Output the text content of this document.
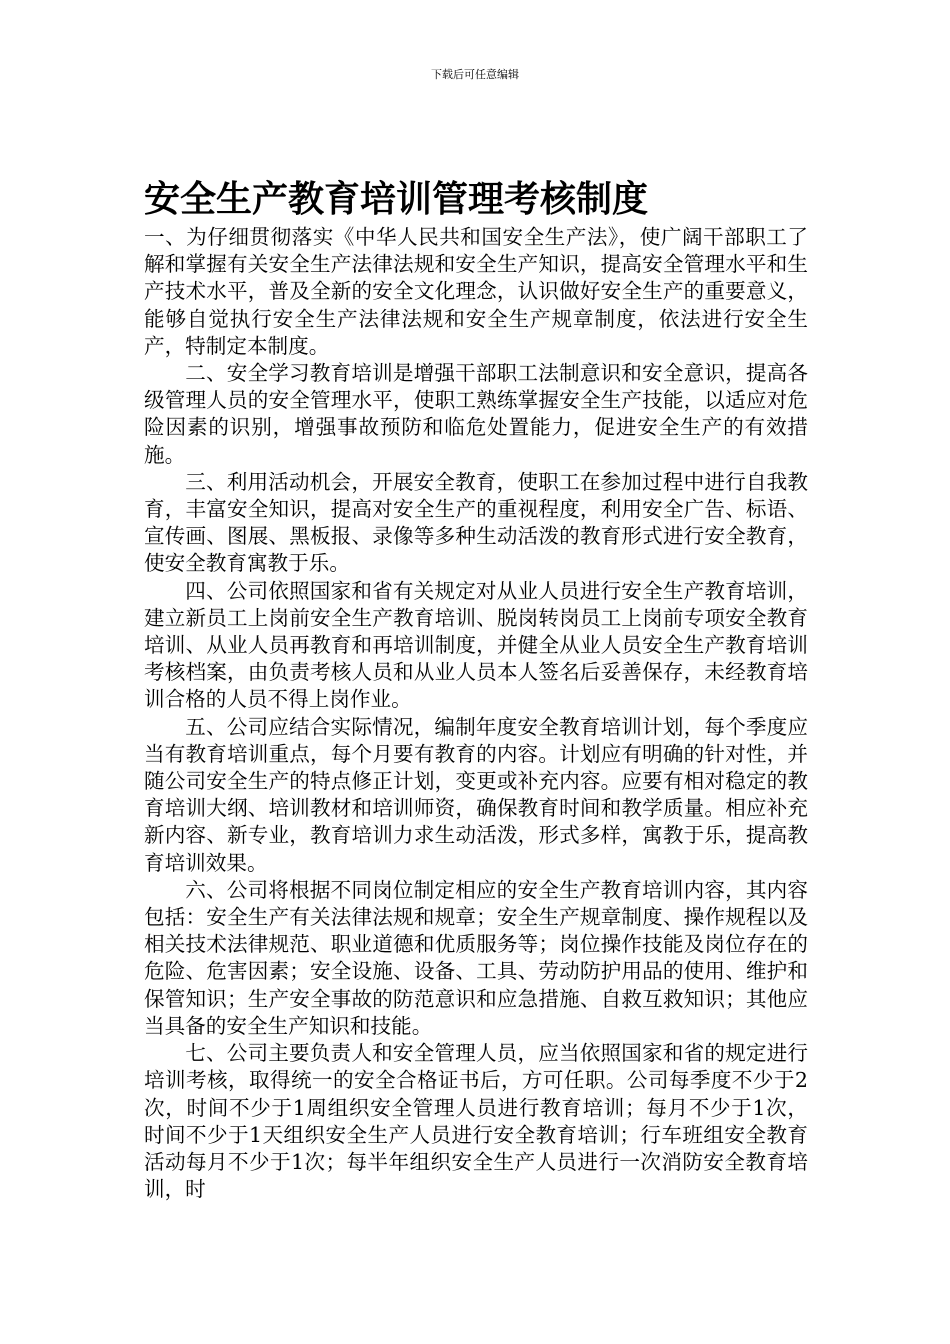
下载后可任意编辑
安全生产教育培训管理考核制度

一、为仔细贯彻落实《中华人民共和国安全生产法》，使广阔干部职工了解和掌握有关安全生产法律法规和安全生产知识，提高安全管理水平和生产技术水平，普及全新的安全文化理念，认识做好安全生产的重要意义，能够自觉执行安全生产法律法规和安全生产规章制度，依法进行安全生产，特制定本制度。

二、安全学习教育培训是增强干部职工法制意识和安全意识，提高各级管理人员的安全管理水平，使职工熟练掌握安全生产技能，以适应对危险因素的识别，增强事故预防和临危处置能力，促进安全生产的有效措施。

三、利用活动机会，开展安全教育，使职工在参加过程中进行自我教育，丰富安全知识，提高对安全生产的重视程度，利用安全广告、标语、宣传画、图展、黑板报、录像等多种生动活泼的教育形式进行安全教育，使安全教育寓教于乐。

四、公司依照国家和省有关规定对从业人员进行安全生产教育培训，建立新员工上岗前安全生产教育培训、脱岗转岗员工上岗前专项安全教育培训、从业人员再教育和再培训制度，并健全从业人员安全生产教育培训考核档案，由负责考核人员和从业人员本人签名后妥善保存，未经教育培训合格的人员不得上岗作业。

五、公司应结合实际情况，编制年度安全教育培训计划，每个季度应当有教育培训重点，每个月要有教育的内容。计划应有明确的针对性，并随公司安全生产的特点修正计划，变更或补充内容。应要有相对稳定的教育培训大纲、培训教材和培训师资，确保教育时间和教学质量。相应补充新内容、新专业，教育培训力求生动活泼，形式多样，寓教于乐，提高教育培训效果。

六、公司将根据不同岗位制定相应的安全生产教育培训内容，其内容包括：安全生产有关法律法规和规章；安全生产规章制度、操作规程以及相关技术法律规范、职业道德和优质服务等；岗位操作技能及岗位存在的危险、危害因素；安全设施、设备、工具、劳动防护用品的使用、维护和保管知识；生产安全事故的防范意识和应急措施、自救互救知识；其他应当具备的安全生产知识和技能。

七、公司主要负责人和安全管理人员，应当依照国家和省的规定进行培训考核，取得统一的安全合格证书后，方可任职。公司每季度不少于2次，时间不少于1周组织安全管理人员进行教育培训；每月不少于1次，时间不少于1天组织安全生产人员进行安全教育培训；行车班组安全教育活动每月不少于1次；每半年组织安全生产人员进行一次消防安全教育培训，时
